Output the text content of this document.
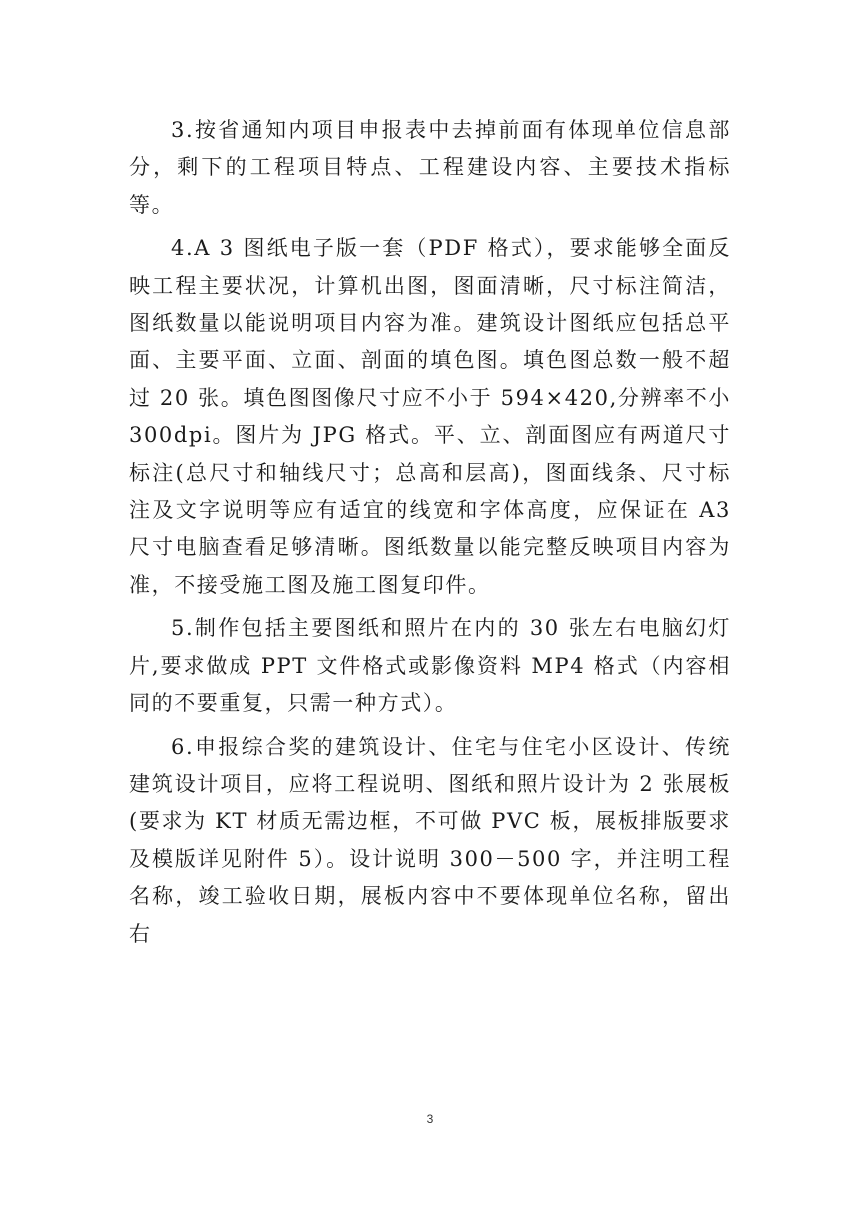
3.按省通知内项目申报表中去掉前面有体现单位信息部分，剩下的工程项目特点、工程建设内容、主要技术指标等。

4.A 3 图纸电子版一套（PDF 格式），要求能够全面反映工程主要状况，计算机出图，图面清晰，尺寸标注简洁，图纸数量以能说明项目内容为准。建筑设计图纸应包括总平面、主要平面、立面、剖面的填色图。填色图总数一般不超过 20 张。填色图图像尺寸应不小于 594×420,分辨率不小 300dpi。图片为 JPG 格式。平、立、剖面图应有两道尺寸标注(总尺寸和轴线尺寸；总高和层高)，图面线条、尺寸标注及文字说明等应有适宜的线宽和字体高度，应保证在 A3 尺寸电脑查看足够清晰。图纸数量以能完整反映项目内容为准，不接受施工图及施工图复印件。

5.制作包括主要图纸和照片在内的 30 张左右电脑幻灯片,要求做成 PPT 文件格式或影像资料 MP4 格式（内容相同的不要重复，只需一种方式）。

6.申报综合奖的建筑设计、住宅与住宅小区设计、传统建筑设计项目，应将工程说明、图纸和照片设计为 2 张展板(要求为 KT 材质无需边框，不可做 PVC 板，展板排版要求及模版详见附件 5）。设计说明 300－500 字，并注明工程名称，竣工验收日期，展板内容中不要体现单位名称，留出右

3
